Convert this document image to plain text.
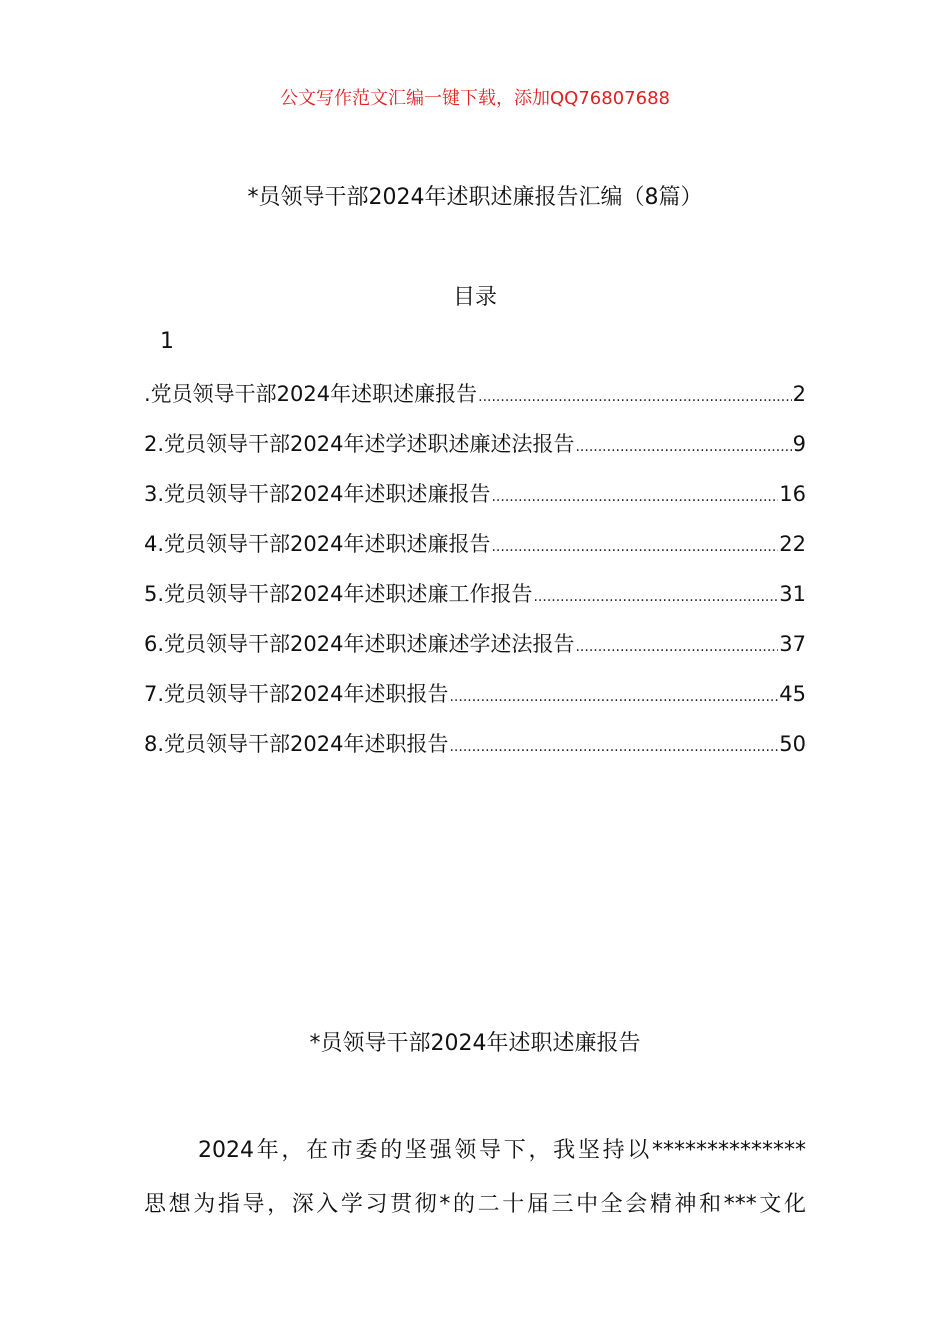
公文写作范文汇编一键下载，添加QQ76807688
*员领导干部2024年述职述廉报告汇编（8篇）
目录
1
.党员领导干部2024年述职述廉报告 .....	2
2.党员领导干部2024年述学述职述廉述法报告 .....	9
3.党员领导干部2024年述职述廉报告 .....	16
4.党员领导干部2024年述职述廉报告 .....	22
5.党员领导干部2024年述职述廉工作报告 .....	31
6.党员领导干部2024年述职述廉述学述法报告 .....	37
7.党员领导干部2024年述职报告 .....	45
8.党员领导干部2024年述职报告 .....	50
*员领导干部2024年述职述廉报告
2024年，在市委的坚强领导下，我坚持以**************
思想为指导，深入学习贯彻*的二十届三中全会精神和***文化
